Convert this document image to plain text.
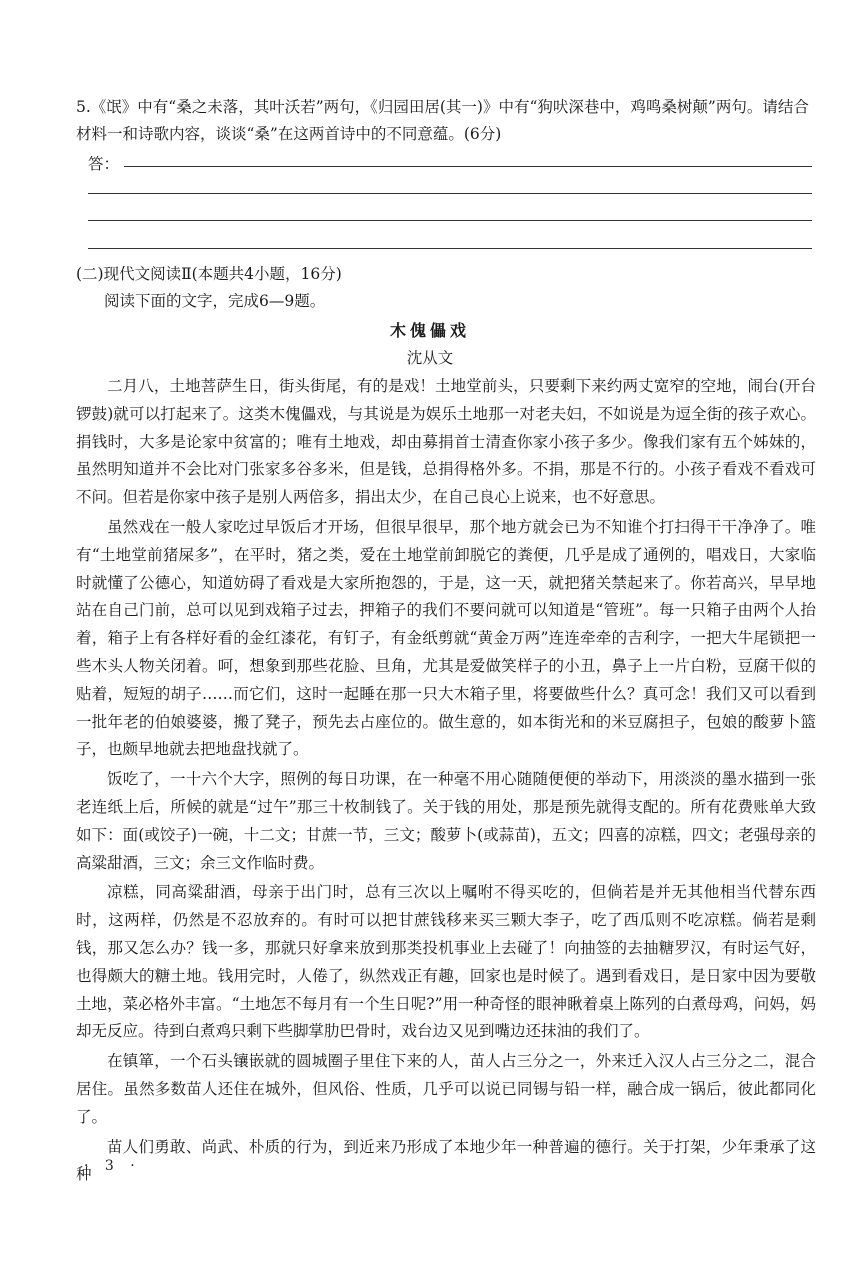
5.《氓》中有“桑之未落，其叶沃若”两句，《归园田居(其一)》中有“狗吠深巷中，鸡鸣桑树颠”两句。请结合材料一和诗歌内容，谈谈“桑”在这两首诗中的不同意蕴。(6分)
答：
(二)现代文阅读Ⅱ(本题共4小题，16分)
阅读下面的文字，完成6—9题。
木傀儡戏
沈从文

二月八，土地菩萨生日，街头街尾，有的是戏！土地堂前头，只要剩下来约两丈宽窄的空地，闹台(开台锣鼓)就可以打起来了。这类木傀儡戏，与其说是为娱乐土地那一对老夫妇，不如说是为逗全街的孩子欢心。捐钱时，大多是论家中贫富的；唯有土地戏，却由募捐首士清查你家小孩子多少。像我们家有五个姊妹的，虽然明知道并不会比对门张家多谷多米，但是钱，总捐得格外多。不捐，那是不行的。小孩子看戏不看戏可不问。但若是你家中孩子是别人两倍多，捐出太少，在自己良心上说来，也不好意思。

虽然戏在一般人家吃过早饭后才开场，但很早很早，那个地方就会已为不知谁个打扫得干干净净了。唯有“土地堂前猪屎多”，在平时，猪之类，爱在土地堂前卸脱它的粪便，几乎是成了通例的，唱戏日，大家临时就懂了公德心，知道妨碍了看戏是大家所抱怨的，于是，这一天，就把猪关禁起来了。你若高兴，早早地站在自己门前，总可以见到戏箱子过去，押箱子的我们不要问就可以知道是“管班”。每一只箱子由两个人抬着，箱子上有各样好看的金红漆花，有钉子，有金纸剪就“黄金万两”连连牵牵的吉利字，一把大牛尾锁把一些木头人物关闭着。呵，想象到那些花脸、旦角，尤其是爱做笑样子的小丑，鼻子上一片白粉，豆腐干似的贴着，短短的胡子……而它们，这时一起睡在那一只大木箱子里，将要做些什么？真可念！我们又可以看到一批年老的伯娘婆婆，搬了凳子，预先去占座位的。做生意的，如本街光和的米豆腐担子，包娘的酸萝卜篮子，也颇早地就去把地盘找就了。

饭吃了，一十六个大字，照例的每日功课，在一种毫不用心随随便便的举动下，用淡淡的墨水描到一张老连纸上后，所候的就是“过午”那三十枚制钱了。关于钱的用处，那是预先就得支配的。所有花费账单大致如下：面(或饺子)一碗，十二文；甘蔗一节，三文；酸萝卜(或蒜苗)，五文；四喜的凉糕，四文；老强母亲的高粱甜酒，三文；余三文作临时费。

凉糕，同高粱甜酒，母亲于出门时，总有三次以上嘱咐不得买吃的，但倘若是并无其他相当代替东西时，这两样，仍然是不忍放弃的。有时可以把甘蔗钱移来买三颗大李子，吃了西瓜则不吃凉糕。倘若是剩钱，那又怎么办？钱一多，那就只好拿来放到那类投机事业上去碰了！向抽签的去抽糖罗汉，有时运气好，也得颇大的糖土地。钱用完时，人倦了，纵然戏正有趣，回家也是时候了。遇到看戏日，是日家中因为要敬土地，菜必格外丰富。“土地怎不每月有一个生日呢?”用一种奇怪的眼神瞅着桌上陈列的白煮母鸡，问妈，妈却无反应。待到白煮鸡只剩下些脚掌肋巴骨时，戏台边又见到嘴边还抹油的我们了。

在镇箪，一个石头镶嵌就的圆城圈子里住下来的人，苗人占三分之一，外来迁入汉人占三分之二，混合居住。虽然多数苗人还住在城外，但风俗、性质，几乎可以说已同锡与铅一样，融合成一锅后，彼此都同化了。

苗人们勇敢、尚武、朴质的行为，到近来乃形成了本地少年一种普遍的德行。关于打架，少年秉承了这种

· 3 ·
